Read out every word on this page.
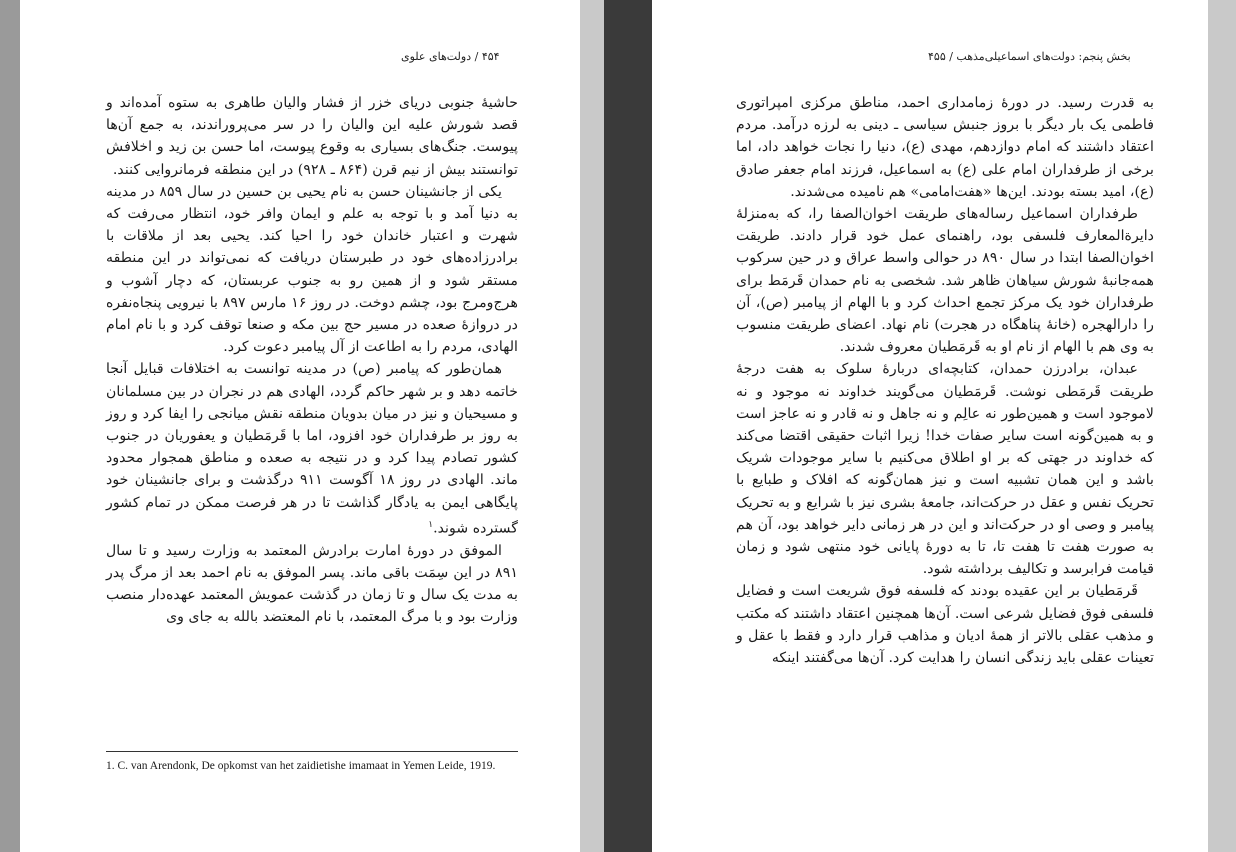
۴۵۴ / دولت‌های علوی

حاشیهٔ جنوبی دریای خزر از فشار والیان طاهری به ستوه آمده‌اند و قصد شورش علیه این والیان را در سر می‌پروراندند، به جمع آن‌ها پیوست. جنگ‌های بسیاری به وقوع پیوست، اما حسن بن زید و اخلافش توانستند بیش از نیم قرن (۸۶۴ ـ ۹۲۸) در این منطقه فرمانروایی کنند.

یکی از جانشینان حسن به نام یحیی بن حسین در سال ۸۵۹ در مدینه به دنیا آمد و با توجه به علم و ایمان وافر خود، انتظار می‌رفت که شهرت و اعتبار خاندان خود را احیا کند. یحیی بعد از ملاقات با برادرزاده‌های خود در طبرستان دریافت که نمی‌تواند در این منطقه مستقر شود و از همین رو به جنوب عربستان، که دچار آشوب و هرج‌ومرج بود، چشم دوخت. در روز ۱۶ مارس ۸۹۷ با نیرویی پنجاه‌نفره در دروازهٔ صعده در مسیر حج بین مکه و صنعا توقف کرد و با نام امام الهادی، مردم را به اطاعت از آل پیامبر دعوت کرد.

همان‌طور که پیامبر (ص) در مدینه توانست به اختلافات قبایل آنجا خاتمه دهد و بر شهر حاکم گردد، الهادی هم در نجران در بین مسلمانان و مسیحیان و نیز در میان بدویان منطقه نقش میانجی را ایفا کرد و روز به روز بر طرفداران خود افزود، اما با قَرمَطیان و یعفوریان در جنوب کشور تصادم پیدا کرد و در نتیجه به صعده و مناطق همجوار محدود ماند. الهادی در روز ۱۸ آگوست ۹۱۱ درگذشت و برای جانشینان خود پایگاهی ایمن به یادگار گذاشت تا در هر فرصت ممکن در تمام کشور گسترده شوند.$^۱$

الموفق در دورهٔ امارت برادرش المعتمد به وزارت رسید و تا سال ۸۹۱ در این سِمَت باقی ماند. پسر الموفق به نام احمد بعد از مرگ پدر به مدت یک سال و تا زمان در گذشت عمویش المعتمد عهده‌دار منصب وزارت بود و با مرگ المعتمد، با نام المعتضد بالله به جای وی

1. C. van Arendonk, De opkomst van het zaidietishe imamaat in Yemen Leide, 1919.
بخش پنجم: دولت‌های اسماعیلی‌مذهب / ۴۵۵

به قدرت رسید. در دورهٔ زمامداری احمد، مناطق مرکزی امپراتوری فاطمی یک بار دیگر با بروز جنبش سیاسی ـ دینی به لرزه درآمد. مردم اعتقاد داشتند که امام دوازدهم، مهدی (ع)، دنیا را نجات خواهد داد، اما برخی از طرفداران امام علی (ع) به اسماعیل، فرزند امام جعفر صادق (ع)، امید بسته بودند. این‌ها «هفت‌امامی» هم نامیده می‌شدند.

طرفداران اسماعیل رساله‌های طریقت اخوان‌الصفا را، که به‌منزلهٔ دایرةالمعارف فلسفی بود، راهنمای عمل خود قرار دادند. طریقت اخوان‌الصفا ابتدا در سال ۸۹۰ در حوالی واسط عراق و در حین سرکوب همه‌جانبهٔ شورش سیاهان ظاهر شد. شخصی به نام حمدان قَرمَط برای طرفداران خود یک مرکز تجمع احداث کرد و با الهام از پیامبر (ص)، آن را دارالهجره (خانهٔ پناهگاه در هجرت) نام نهاد. اعضای طریقت منسوب به وی هم با الهام از نام او به قَرمَطیان معروف شدند.

عبدان، برادرزن حمدان، کتابچه‌ای دربارهٔ سلوک به هفت درجهٔ طریقت قَرمَطی نوشت. قَرمَطیان می‌گویند خداوند نه موجود و نه لاموجود است و همین‌طور نه عالِم و نه جاهل و نه قادر و نه عاجز است و به همین‌گونه است سایر صفات خدا! زیرا اثبات حقیقی اقتضا می‌کند که خداوند در جهتی که بر او اطلاق می‌کنیم با سایر موجودات شریک باشد و این همان تشبیه است و نیز همان‌گونه که افلاک و طبایع با تحریک نفس و عقل در حرکت‌اند، جامعهٔ بشری نیز با شرایع و به تحریک پیامبر و وصی او در حرکت‌اند و این در هر زمانی دایر خواهد بود، آن هم به صورت هفت تا هفت تا، تا به دورهٔ پایانی خود منتهی شود و زمان قیامت فرابرسد و تکالیف برداشته شود.

قَرمَطیان بر این عقیده بودند که فلسفه فوق شریعت است و فضایل فلسفی فوق فضایل شرعی است. آن‌ها همچنین اعتقاد داشتند که مکتب و مذهب عقلی بالاتر از همهٔ ادیان و مذاهب قرار دارد و فقط با عقل و تعینات عقلی باید زندگی انسان را هدایت کرد. آن‌ها می‌گفتند اینکه
